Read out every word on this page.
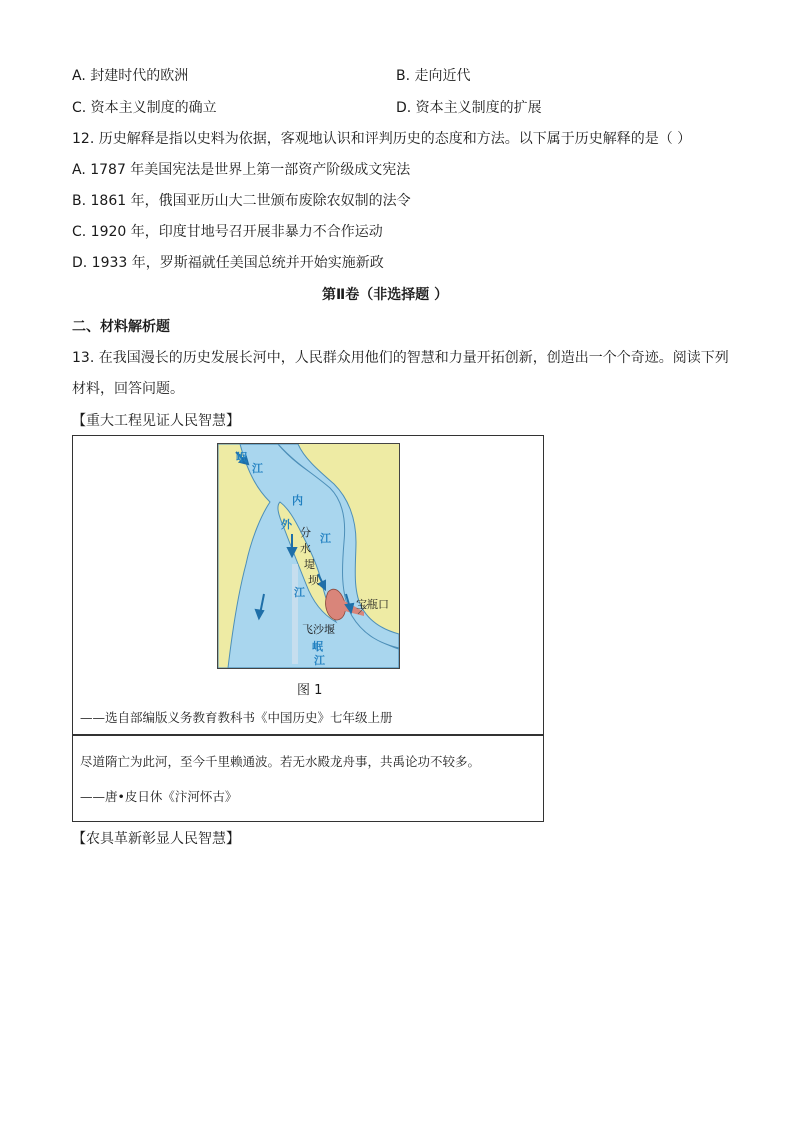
A. 封建时代的欧洲	B. 走向近代
C. 资本主义制度的确立	D. 资本主义制度的扩展
12. 历史解释是指以史料为依据，客观地认识和评判历史的态度和方法。以下属于历史解释的是（ ）
A. 1787 年美国宪法是世界上第一部资产阶级成文宪法
B. 1861 年，俄国亚历山大二世颁布废除农奴制的法令
C. 1920 年，印度甘地号召开展非暴力不合作运动
D. 1933 年，罗斯福就任美国总统并开始实施新政
第Ⅱ卷（非选择题 ）
二、材料解析题
13. 在我国漫长的历史发展长河中，人民群众用他们的智慧和力量开拓创新，创造出一个个奇迹。阅读下列
材料，回答问题。
【重大工程见证人民智慧】
岷
江
内
江
外
江
分
水
堤
坝
宝瓶口
飞沙堰
岷
江
图 1
——选自部编版义务教育教科书《中国历史》七年级上册
尽道隋亡为此河，至今千里赖通波。若无水殿龙舟事，共禹论功不较多。
——唐•皮日休《汴河怀古》
【农具革新彰显人民智慧】
